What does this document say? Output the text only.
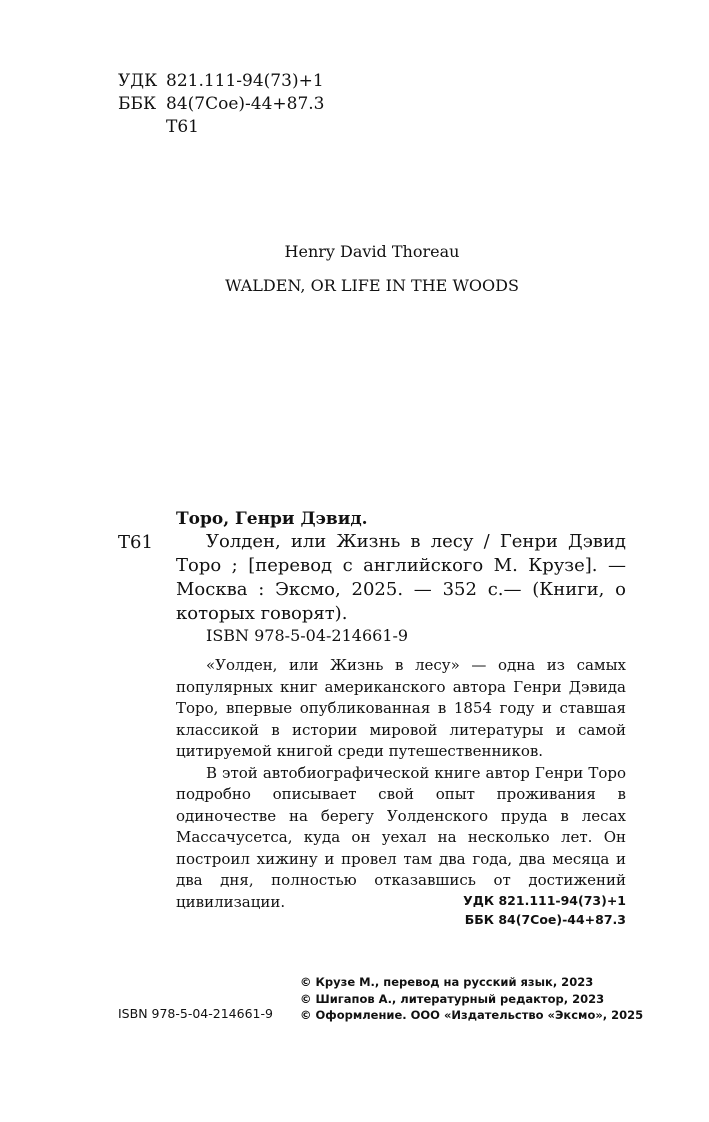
УДК 821.111-94(73)+1
ББК 84(7Сое)-44+87.3
Т61
Henry David Thoreau
WALDEN, OR LIFE IN THE WOODS
Торо, Генри Дэвид.
Т61	Уолден, или Жизнь в лесу / Генри Дэвид Торо ; [перевод с английского М. Крузе]. — Москва : Эксмо, 2025. — 352 с.— (Книги, о которых говорят).
ISBN 978-5-04-214661-9

«Уолден, или Жизнь в лесу» — одна из самых популярных книг американского автора Генри Дэвида Торо, впервые опубликованная в 1854 году и ставшая классикой в истории мировой литературы и самой цитируемой книгой среди путешественников.

В этой автобиографической книге автор Генри Торо подробно описывает свой опыт проживания в одиночестве на берегу Уолденского пруда в лесах Массачусетса, куда он уехал на несколько лет. Он построил хижину и провел там два года, два месяца и два дня, полностью отказавшись от достижений цивилизации.	УДК 821.111-94(73)+1
ББК 84(7Сое)-44+87.3
© Крузе М., перевод на русский язык, 2023
© Шигапов А., литературный редактор, 2023
© Оформление. ООО «Издательство «Эксмо», 2025
ISBN 978-5-04-214661-9
